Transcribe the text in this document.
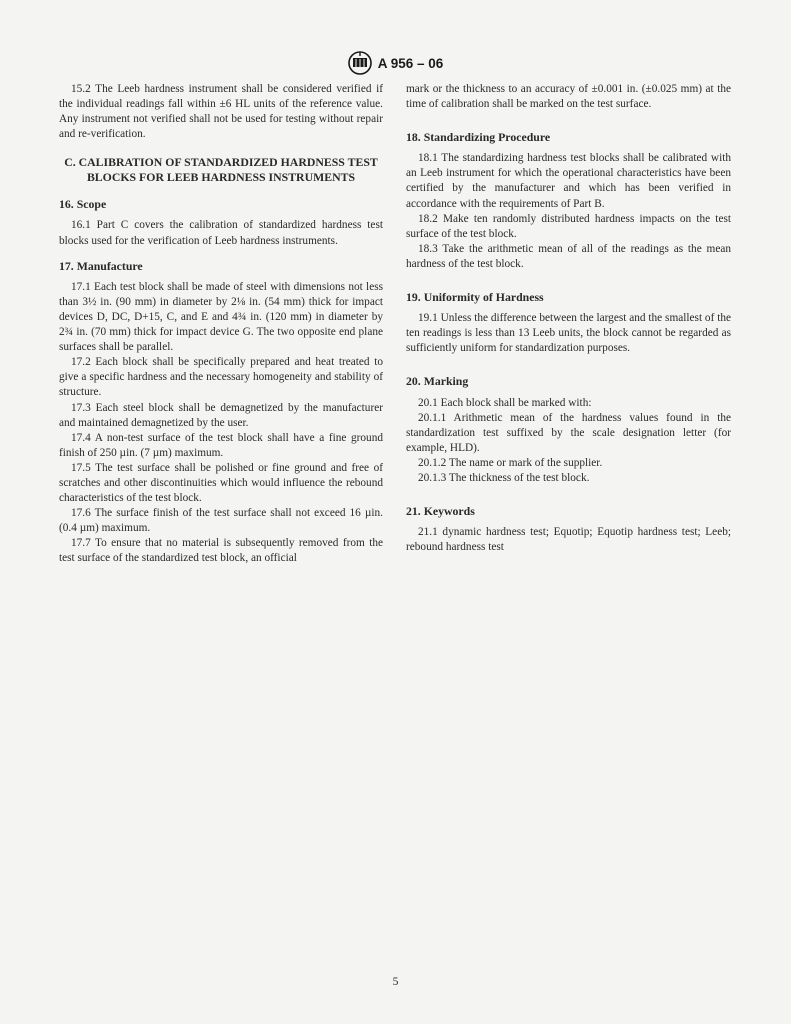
A 956 – 06

15.2 The Leeb hardness instrument shall be considered verified if the individual readings fall within ±6 HL units of the reference value. Any instrument not verified shall not be used for testing without repair and re-verification.

C. CALIBRATION OF STANDARDIZED HARDNESS TEST BLOCKS FOR LEEB HARDNESS INSTRUMENTS
16. Scope

16.1 Part C covers the calibration of standardized hardness test blocks used for the verification of Leeb hardness instruments.

17. Manufacture

17.1 Each test block shall be made of steel with dimensions not less than 3½ in. (90 mm) in diameter by 2⅛ in. (54 mm) thick for impact devices D, DC, D+15, C, and E and 4¾ in. (120 mm) in diameter by 2¾ in. (70 mm) thick for impact device G. The two opposite end plane surfaces shall be parallel.

17.2 Each block shall be specifically prepared and heat treated to give a specific hardness and the necessary homogeneity and stability of structure.

17.3 Each steel block shall be demagnetized by the manufacturer and maintained demagnetized by the user.

17.4 A non-test surface of the test block shall have a fine ground finish of 250 µin. (7 µm) maximum.

17.5 The test surface shall be polished or fine ground and free of scratches and other discontinuities which would influence the rebound characteristics of the test block.

17.6 The surface finish of the test surface shall not exceed 16 µin. (0.4 µm) maximum.

17.7 To ensure that no material is subsequently removed from the test surface of the standardized test block, an official

mark or the thickness to an accuracy of ±0.001 in. (±0.025 mm) at the time of calibration shall be marked on the test surface.

18. Standardizing Procedure

18.1 The standardizing hardness test blocks shall be calibrated with an Leeb instrument for which the operational characteristics have been certified by the manufacturer and which has been verified in accordance with the requirements of Part B.

18.2 Make ten randomly distributed hardness impacts on the test surface of the test block.

18.3 Take the arithmetic mean of all of the readings as the mean hardness of the test block.

19. Uniformity of Hardness

19.1 Unless the difference between the largest and the smallest of the ten readings is less than 13 Leeb units, the block cannot be regarded as sufficiently uniform for standardization purposes.

20. Marking

20.1 Each block shall be marked with:

20.1.1 Arithmetic mean of the hardness values found in the standardization test suffixed by the scale designation letter (for example, HLD).

20.1.2 The name or mark of the supplier.

20.1.3 The thickness of the test block.

21. Keywords

21.1 dynamic hardness test; Equotip; Equotip hardness test; Leeb; rebound hardness test

5
